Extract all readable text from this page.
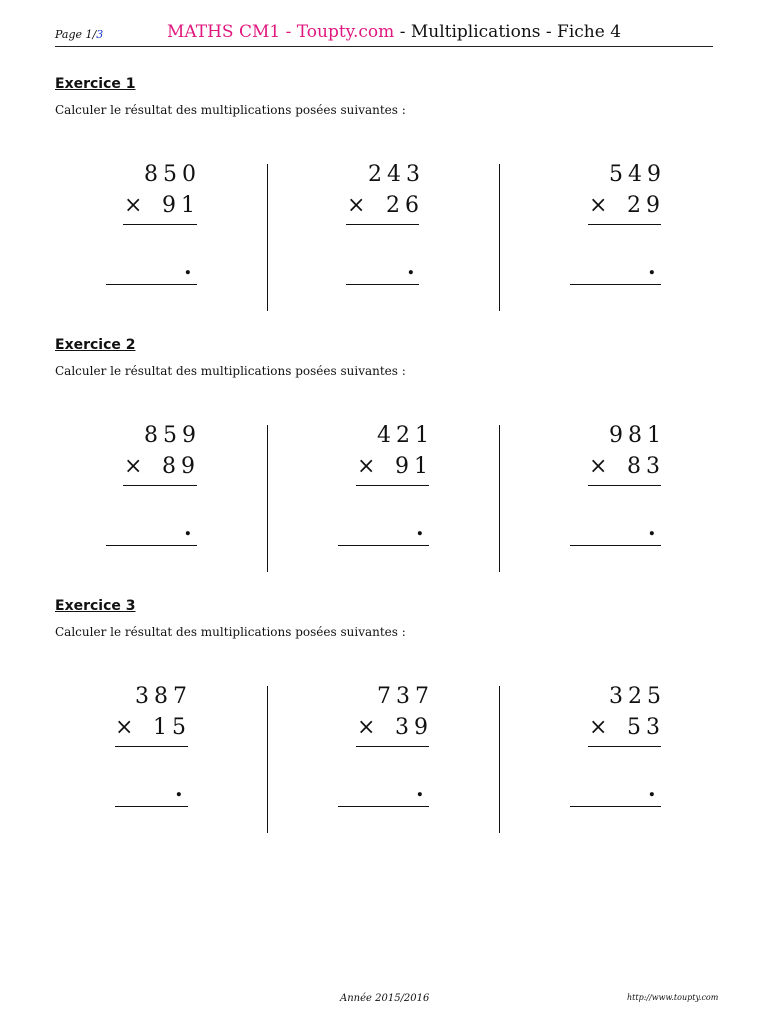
Page 1/3	MATHS CM1 - Toupty.com - Multiplications - Fiche 4
Exercice 1
Calculer le résultat des multiplications posées suivantes :
850
× 91
.
243
× 26
.
549
× 29
.
Exercice 2
Calculer le résultat des multiplications posées suivantes :
859
× 89
.
421
× 91
.
981
× 83
.
Exercice 3
Calculer le résultat des multiplications posées suivantes :
387
× 15
.
737
× 39
.
325
× 53
.
Année 2015/2016	http://www.toupty.com
